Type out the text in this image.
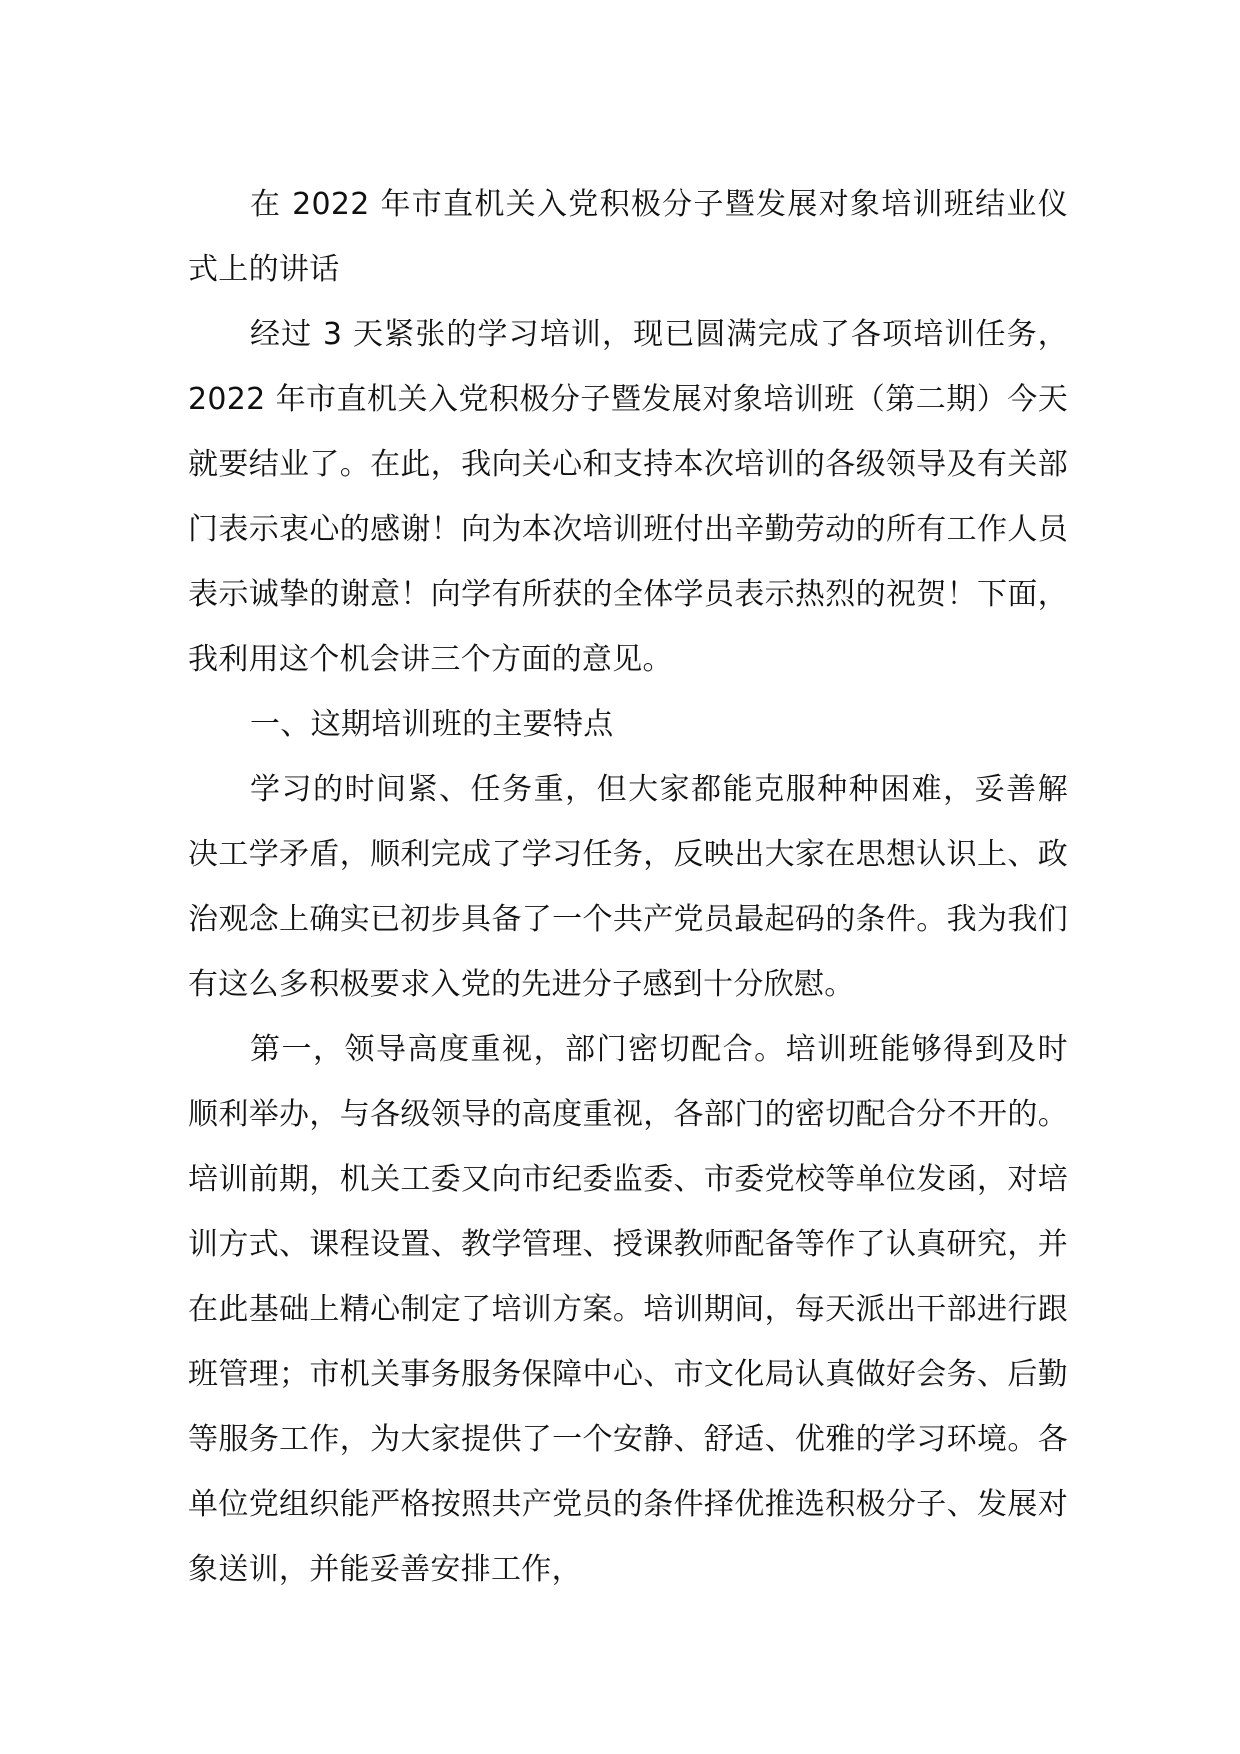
在 2022 年市直机关入党积极分子暨发展对象培训班结业仪式上的讲话

经过 3 天紧张的学习培训，现已圆满完成了各项培训任务，2022 年市直机关入党积极分子暨发展对象培训班（第二期）今天就要结业了。在此，我向关心和支持本次培训的各级领导及有关部门表示衷心的感谢！向为本次培训班付出辛勤劳动的所有工作人员表示诚挚的谢意！向学有所获的全体学员表示热烈的祝贺！下面，我利用这个机会讲三个方面的意见。

一、这期培训班的主要特点

学习的时间紧、任务重，但大家都能克服种种困难，妥善解决工学矛盾，顺利完成了学习任务，反映出大家在思想认识上、政治观念上确实已初步具备了一个共产党员最起码的条件。我为我们有这么多积极要求入党的先进分子感到十分欣慰。

第一，领导高度重视，部门密切配合。培训班能够得到及时顺利举办，与各级领导的高度重视，各部门的密切配合分不开的。培训前期，机关工委又向市纪委监委、市委党校等单位发函，对培训方式、课程设置、教学管理、授课教师配备等作了认真研究，并在此基础上精心制定了培训方案。培训期间，每天派出干部进行跟班管理；市机关事务服务保障中心、市文化局认真做好会务、后勤等服务工作，为大家提供了一个安静、舒适、优雅的学习环境。各单位党组织能严格按照共产党员的条件择优推选积极分子、发展对象送训，并能妥善安排工作，
